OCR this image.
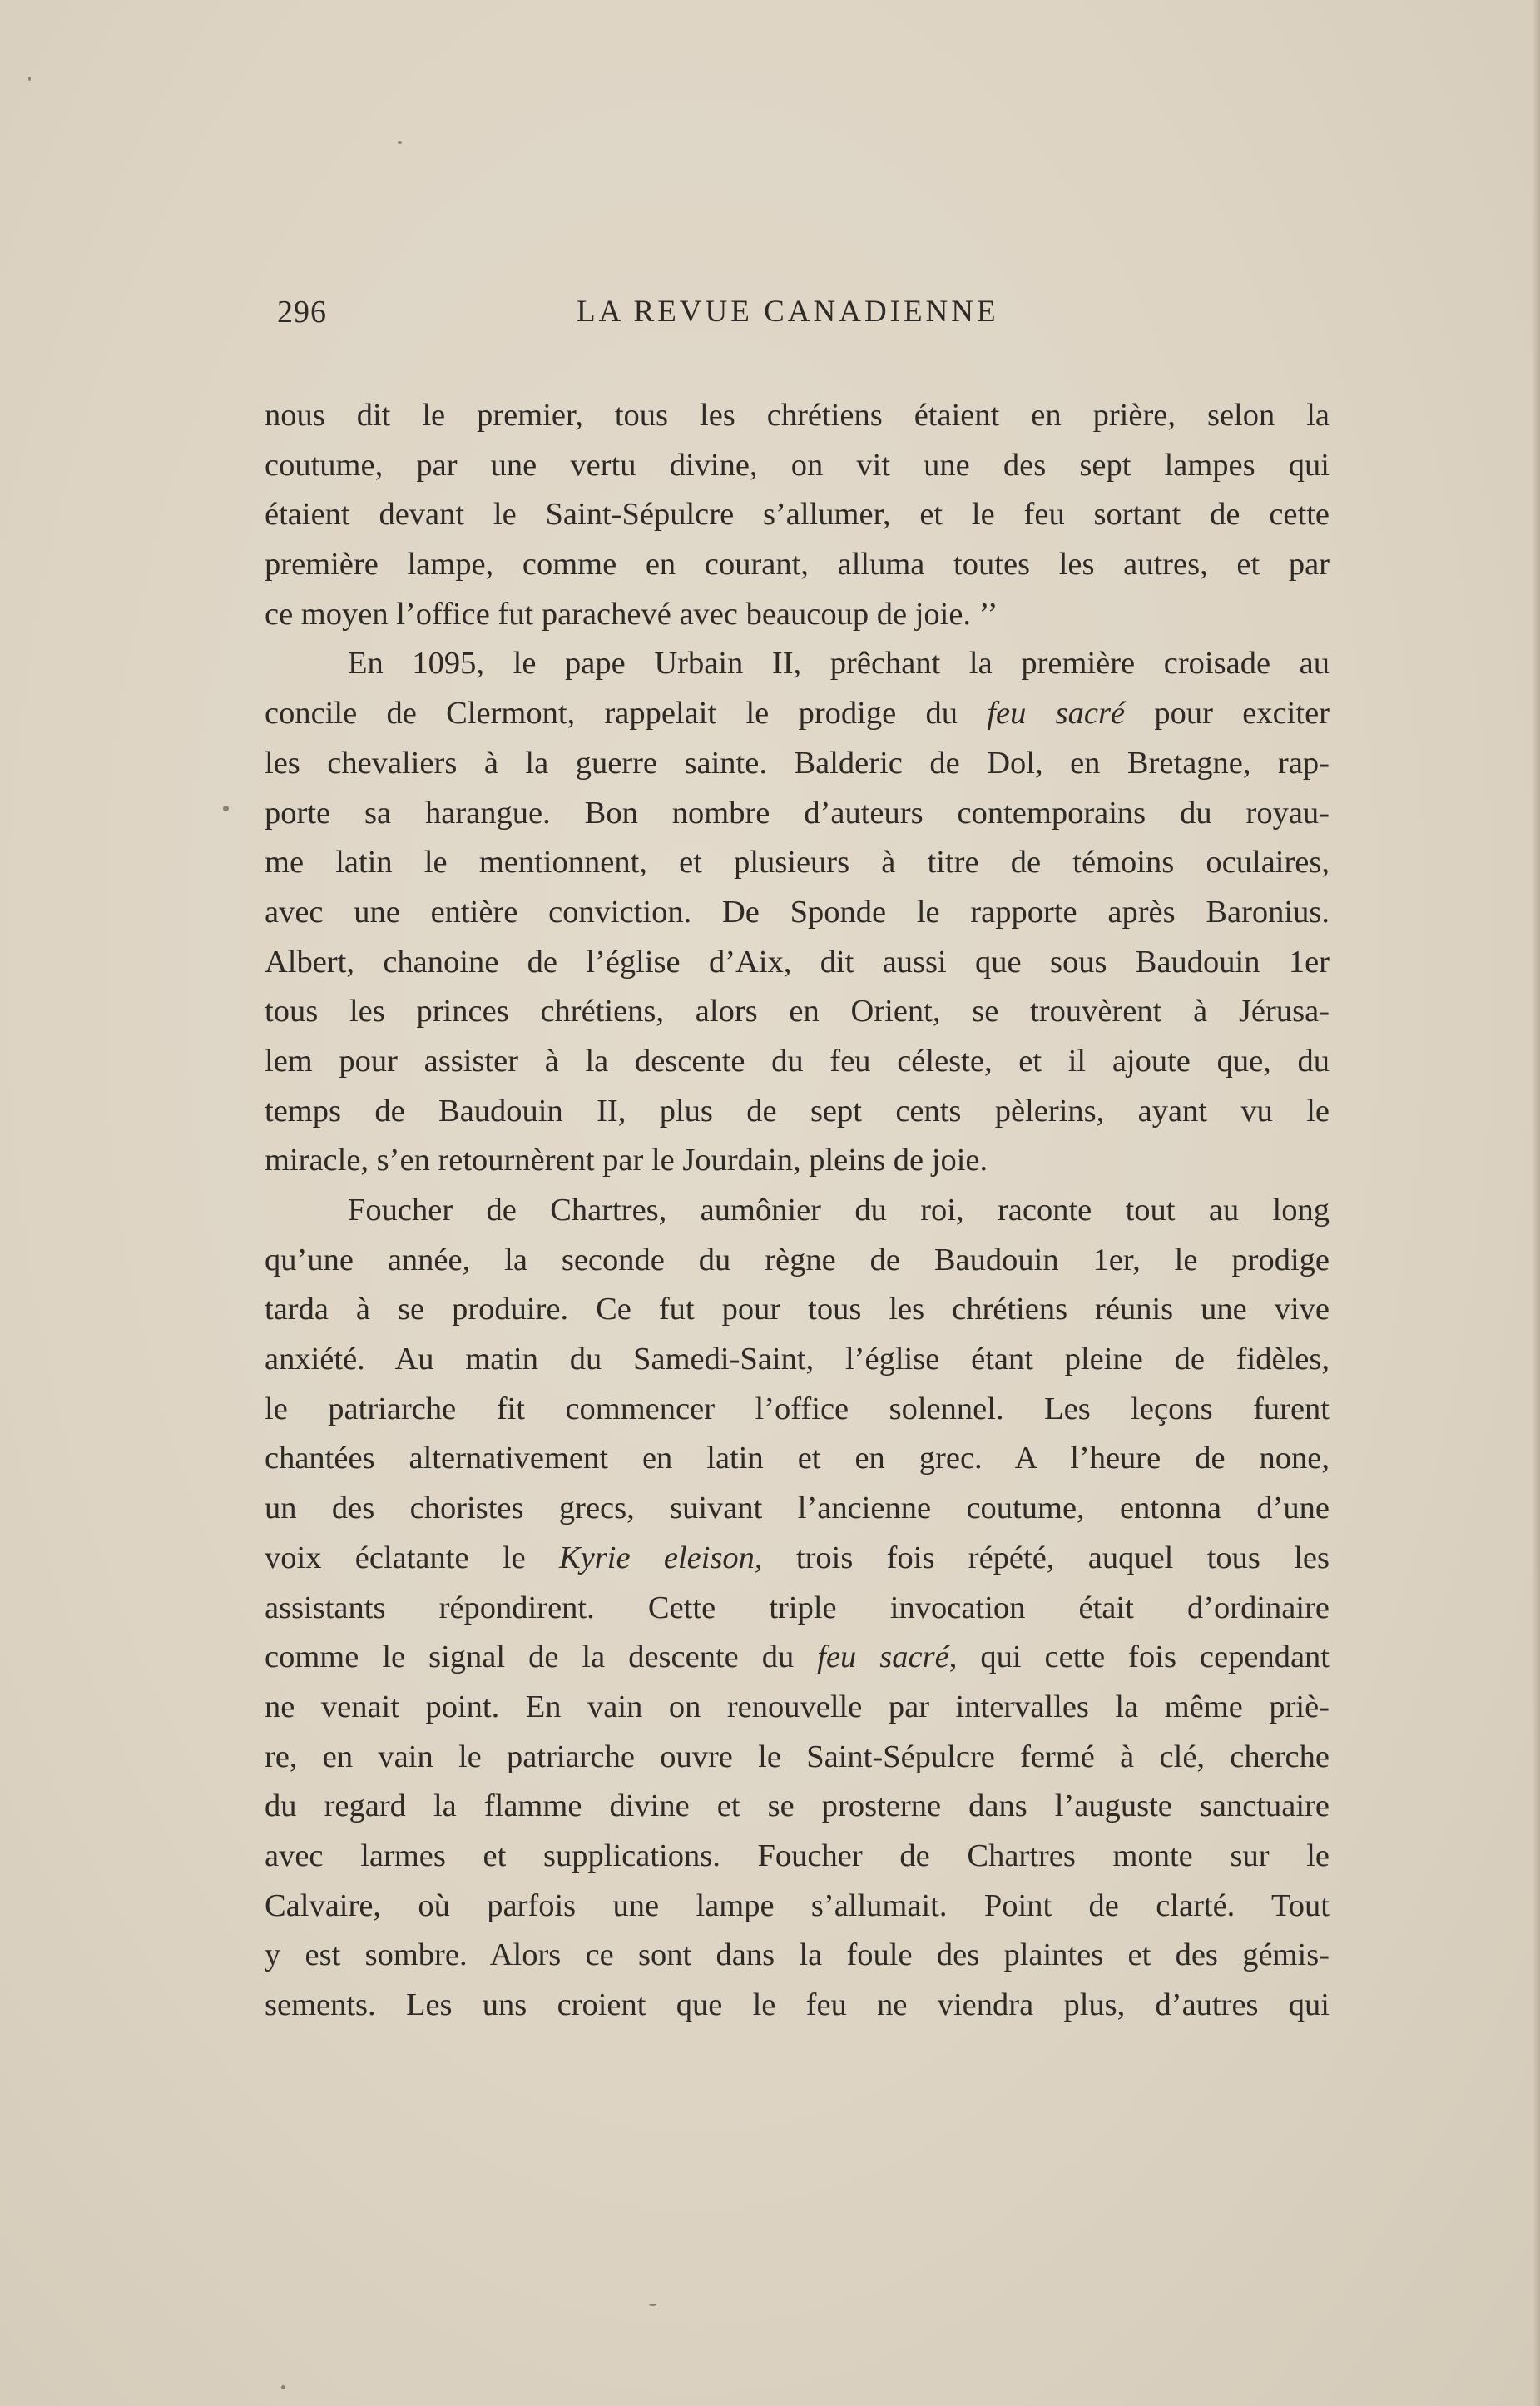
296	LA REVUE CANADIENNE
nous dit le premier, tous les chrétiens étaient en prière, selon la
coutume, par une vertu divine, on vit une des sept lampes qui
étaient devant le Saint-Sépulcre s’allumer, et le feu sortant de cette
première lampe, comme en courant, alluma toutes les autres, et par
ce moyen l’office fut parachevé avec beaucoup de joie. ’’
En 1095, le pape Urbain II, prêchant la première croisade au
concile de Clermont, rappelait le prodige du feu sacré pour exciter
les chevaliers à la guerre sainte. Balderic de Dol, en Bretagne, rap-
porte sa harangue. Bon nombre d’auteurs contemporains du royau-
me latin le mentionnent, et plusieurs à titre de témoins oculaires,
avec une entière conviction. De Sponde le rapporte après Baronius.
Albert, chanoine de l’église d’Aix, dit aussi que sous Baudouin 1er
tous les princes chrétiens, alors en Orient, se trouvèrent à Jérusa-
lem pour assister à la descente du feu céleste, et il ajoute que, du
temps de Baudouin II, plus de sept cents pèlerins, ayant vu le
miracle, s’en retournèrent par le Jourdain, pleins de joie.
Foucher de Chartres, aumônier du roi, raconte tout au long
qu’une année, la seconde du règne de Baudouin 1er, le prodige
tarda à se produire. Ce fut pour tous les chrétiens réunis une vive
anxiété. Au matin du Samedi-Saint, l’église étant pleine de fidèles,
le patriarche fit commencer l’office solennel. Les leçons furent
chantées alternativement en latin et en grec. A l’heure de none,
un des choristes grecs, suivant l’ancienne coutume, entonna d’une
voix éclatante le Kyrie eleison, trois fois répété, auquel tous les
assistants répondirent. Cette triple invocation était d’ordinaire
comme le signal de la descente du feu sacré, qui cette fois cependant
ne venait point. En vain on renouvelle par intervalles la même priè-
re, en vain le patriarche ouvre le Saint-Sépulcre fermé à clé, cherche
du regard la flamme divine et se prosterne dans l’auguste sanctuaire
avec larmes et supplications. Foucher de Chartres monte sur le
Calvaire, où parfois une lampe s’allumait. Point de clarté. Tout
y est sombre. Alors ce sont dans la foule des plaintes et des gémis-
sements. Les uns croient que le feu ne viendra plus, d’autres qui
